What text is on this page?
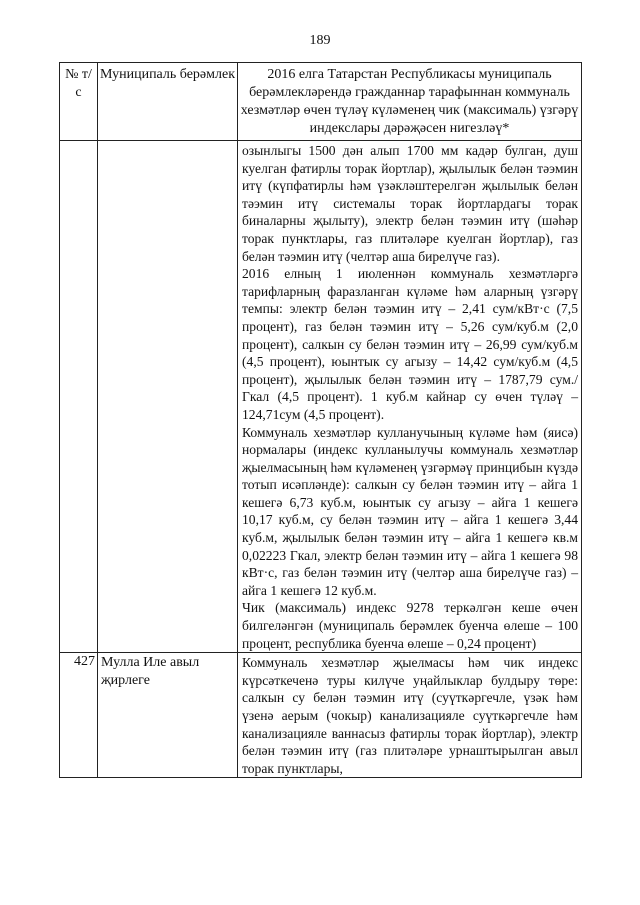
189
№ т/с	Муниципаль берәмлек	2016 елга Татарстан Республикасы муниципаль берәмлекләрендә гражданнар тарафыннан коммуналь хезмәтләр өчен түләү күләменең чик (максималь) үзгәрү индекслары дәрәҗәсен нигезләү*

		озынлыгы 1500 дән алып 1700 мм кадәр булган, душ куелган фатирлы торак йортлар), җылылык белән тәэмин итү (күпфатирлы һәм үзәкләштерелгән җылылык белән тәэмин итү системалы торак йортлардагы торак биналарны җылыту), электр белән тәэмин итү (шәһәр торак пунктлары, газ плитәләре куелган йортлар), газ белән тәэмин итү (челтәр аша бирелүче газ).

2016 елның 1 июленнән коммуналь хезмәтләргә тарифларның фаразланган күләме һәм аларның үзгәрү темпы: электр белән тәэмин итү – 2,41 сум/кВт·с (7,5 процент), газ белән тәэмин итү – 5,26 сум/куб.м (2,0 процент), салкын су белән тәэмин итү – 26,99 сум/куб.м (4,5 процент), юынтык су агызу – 14,42 сум/куб.м (4,5 процент), җылылык белән тәэмин итү – 1787,79 сум./Гкал (4,5 процент). 1 куб.м кайнар су өчен түләү – 124,71сум (4,5 процент).

Коммуналь хезмәтләр кулланучының күләме һәм (яисә) нормалары (индекс кулланылучы коммуналь хезмәтләр җыелмасының һәм күләменең үзгәрмәү принцибын күздә тотып исәпләнде): салкын су белән тәэмин итү – айга 1 кешегә 6,73 куб.м, юынтык су агызу – айга 1 кешегә 10,17 куб.м, су белән тәэмин итү – айга 1 кешегә 3,44 куб.м, җылылык белән тәэмин итү – айга 1 кешегә кв.м 0,02223 Гкал, электр белән тәэмин итү – айга 1 кешегә 98 кВт·с, газ белән тәэмин итү (челтәр аша бирелүче газ) – айга 1 кешегә 12 куб.м.

Чик (максималь) индекс 9278 теркәлгән кеше өчен билгеләнгән (муниципаль берәмлек буенча өлеше – 100 процент, республика буенча өлеше – 0,24 процент)

427	Мулла Иле авыл җирлеге	Коммуналь хезмәтләр җыелмасы һәм чик индекс күрсәткеченә туры килүче уңайлыклар булдыру төре: салкын су белән тәэмин итү (суүткәргечле, үзәк һәм үзенә аерым (чокыр) канализацияле суүткәргечле һәм канализацияле ваннасыз фатирлы торак йортлар), электр белән тәэмин итү (газ плитәләре урнаштырылган авыл торак пунктлары,
